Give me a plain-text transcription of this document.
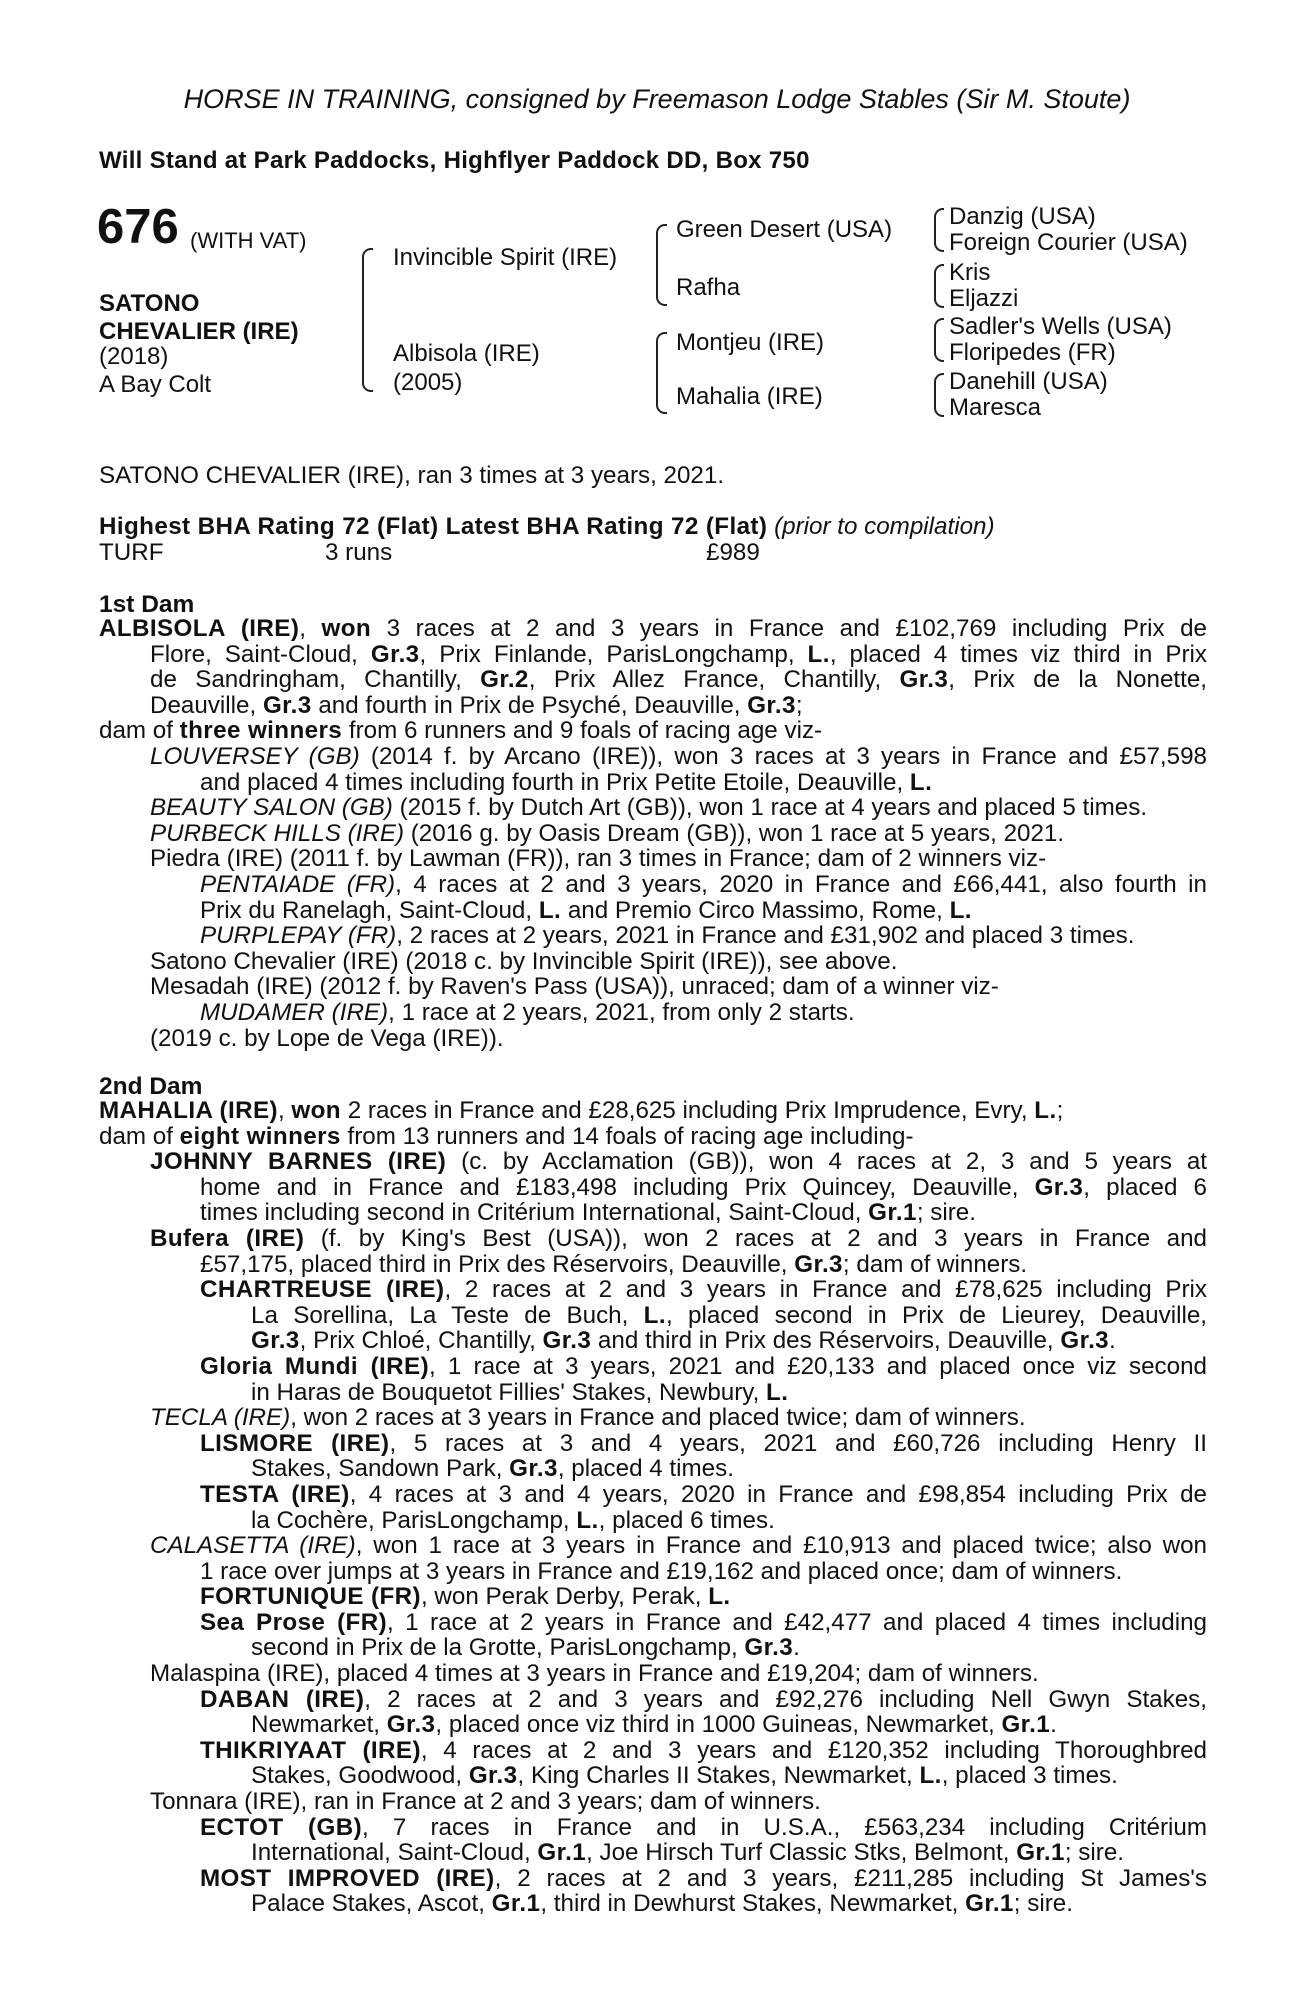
HORSE IN TRAINING, consigned by Freemason Lodge Stables (Sir M. Stoute)
Will Stand at Park Paddocks, Highflyer Paddock DD, Box 750
676 (WITH VAT)
SATONO
CHEVALIER (IRE)
(2018)
A Bay Colt
Invincible Spirit (IRE)
Albisola (IRE)
(2005)
Green Desert (USA)
Rafha
Montjeu (IRE)
Mahalia (IRE)
Danzig (USA)
Foreign Courier (USA)
Kris
Eljazzi
Sadler's Wells (USA)
Floripedes (FR)
Danehill (USA)
Maresca
SATONO CHEVALIER (IRE), ran 3 times at 3 years, 2021.
Highest BHA Rating 72 (Flat) Latest BHA Rating 72 (Flat) (prior to compilation)
TURF	3 runs	£989
1st Dam
ALBISOLA (IRE), won 3 races at 2 and 3 years in France and £102,769 including Prix de
Flore, Saint-Cloud, Gr.3, Prix Finlande, ParisLongchamp, L., placed 4 times viz third in Prix
de Sandringham, Chantilly, Gr.2, Prix Allez France, Chantilly, Gr.3, Prix de la Nonette,
Deauville, Gr.3 and fourth in Prix de Psyché, Deauville, Gr.3;
dam of three winners from 6 runners and 9 foals of racing age viz-
LOUVERSEY (GB) (2014 f. by Arcano (IRE)), won 3 races at 3 years in France and £57,598
and placed 4 times including fourth in Prix Petite Etoile, Deauville, L.
BEAUTY SALON (GB) (2015 f. by Dutch Art (GB)), won 1 race at 4 years and placed 5 times.
PURBECK HILLS (IRE) (2016 g. by Oasis Dream (GB)), won 1 race at 5 years, 2021.
Piedra (IRE) (2011 f. by Lawman (FR)), ran 3 times in France; dam of 2 winners viz-
PENTAIADE (FR), 4 races at 2 and 3 years, 2020 in France and £66,441, also fourth in
Prix du Ranelagh, Saint-Cloud, L. and Premio Circo Massimo, Rome, L.
PURPLEPAY (FR), 2 races at 2 years, 2021 in France and £31,902 and placed 3 times.
Satono Chevalier (IRE) (2018 c. by Invincible Spirit (IRE)), see above.
Mesadah (IRE) (2012 f. by Raven's Pass (USA)), unraced; dam of a winner viz-
MUDAMER (IRE), 1 race at 2 years, 2021, from only 2 starts.
(2019 c. by Lope de Vega (IRE)).
2nd Dam
MAHALIA (IRE), won 2 races in France and £28,625 including Prix Imprudence, Evry, L.;
dam of eight winners from 13 runners and 14 foals of racing age including-
JOHNNY BARNES (IRE) (c. by Acclamation (GB)), won 4 races at 2, 3 and 5 years at
home and in France and £183,498 including Prix Quincey, Deauville, Gr.3, placed 6
times including second in Critérium International, Saint-Cloud, Gr.1; sire.
Bufera (IRE) (f. by King's Best (USA)), won 2 races at 2 and 3 years in France and
£57,175, placed third in Prix des Réservoirs, Deauville, Gr.3; dam of winners.
CHARTREUSE (IRE), 2 races at 2 and 3 years in France and £78,625 including Prix
La Sorellina, La Teste de Buch, L., placed second in Prix de Lieurey, Deauville,
Gr.3, Prix Chloé, Chantilly, Gr.3 and third in Prix des Réservoirs, Deauville, Gr.3.
Gloria Mundi (IRE), 1 race at 3 years, 2021 and £20,133 and placed once viz second
in Haras de Bouquetot Fillies' Stakes, Newbury, L.
TECLA (IRE), won 2 races at 3 years in France and placed twice; dam of winners.
LISMORE (IRE), 5 races at 3 and 4 years, 2021 and £60,726 including Henry II
Stakes, Sandown Park, Gr.3, placed 4 times.
TESTA (IRE), 4 races at 3 and 4 years, 2020 in France and £98,854 including Prix de
la Cochère, ParisLongchamp, L., placed 6 times.
CALASETTA (IRE), won 1 race at 3 years in France and £10,913 and placed twice; also won
1 race over jumps at 3 years in France and £19,162 and placed once; dam of winners.
FORTUNIQUE (FR), won Perak Derby, Perak, L.
Sea Prose (FR), 1 race at 2 years in France and £42,477 and placed 4 times including
second in Prix de la Grotte, ParisLongchamp, Gr.3.
Malaspina (IRE), placed 4 times at 3 years in France and £19,204; dam of winners.
DABAN (IRE), 2 races at 2 and 3 years and £92,276 including Nell Gwyn Stakes,
Newmarket, Gr.3, placed once viz third in 1000 Guineas, Newmarket, Gr.1.
THIKRIYAAT (IRE), 4 races at 2 and 3 years and £120,352 including Thoroughbred
Stakes, Goodwood, Gr.3, King Charles II Stakes, Newmarket, L., placed 3 times.
Tonnara (IRE), ran in France at 2 and 3 years; dam of winners.
ECTOT (GB), 7 races in France and in U.S.A., £563,234 including Critérium
International, Saint-Cloud, Gr.1, Joe Hirsch Turf Classic Stks, Belmont, Gr.1; sire.
MOST IMPROVED (IRE), 2 races at 2 and 3 years, £211,285 including St James's
Palace Stakes, Ascot, Gr.1, third in Dewhurst Stakes, Newmarket, Gr.1; sire.
